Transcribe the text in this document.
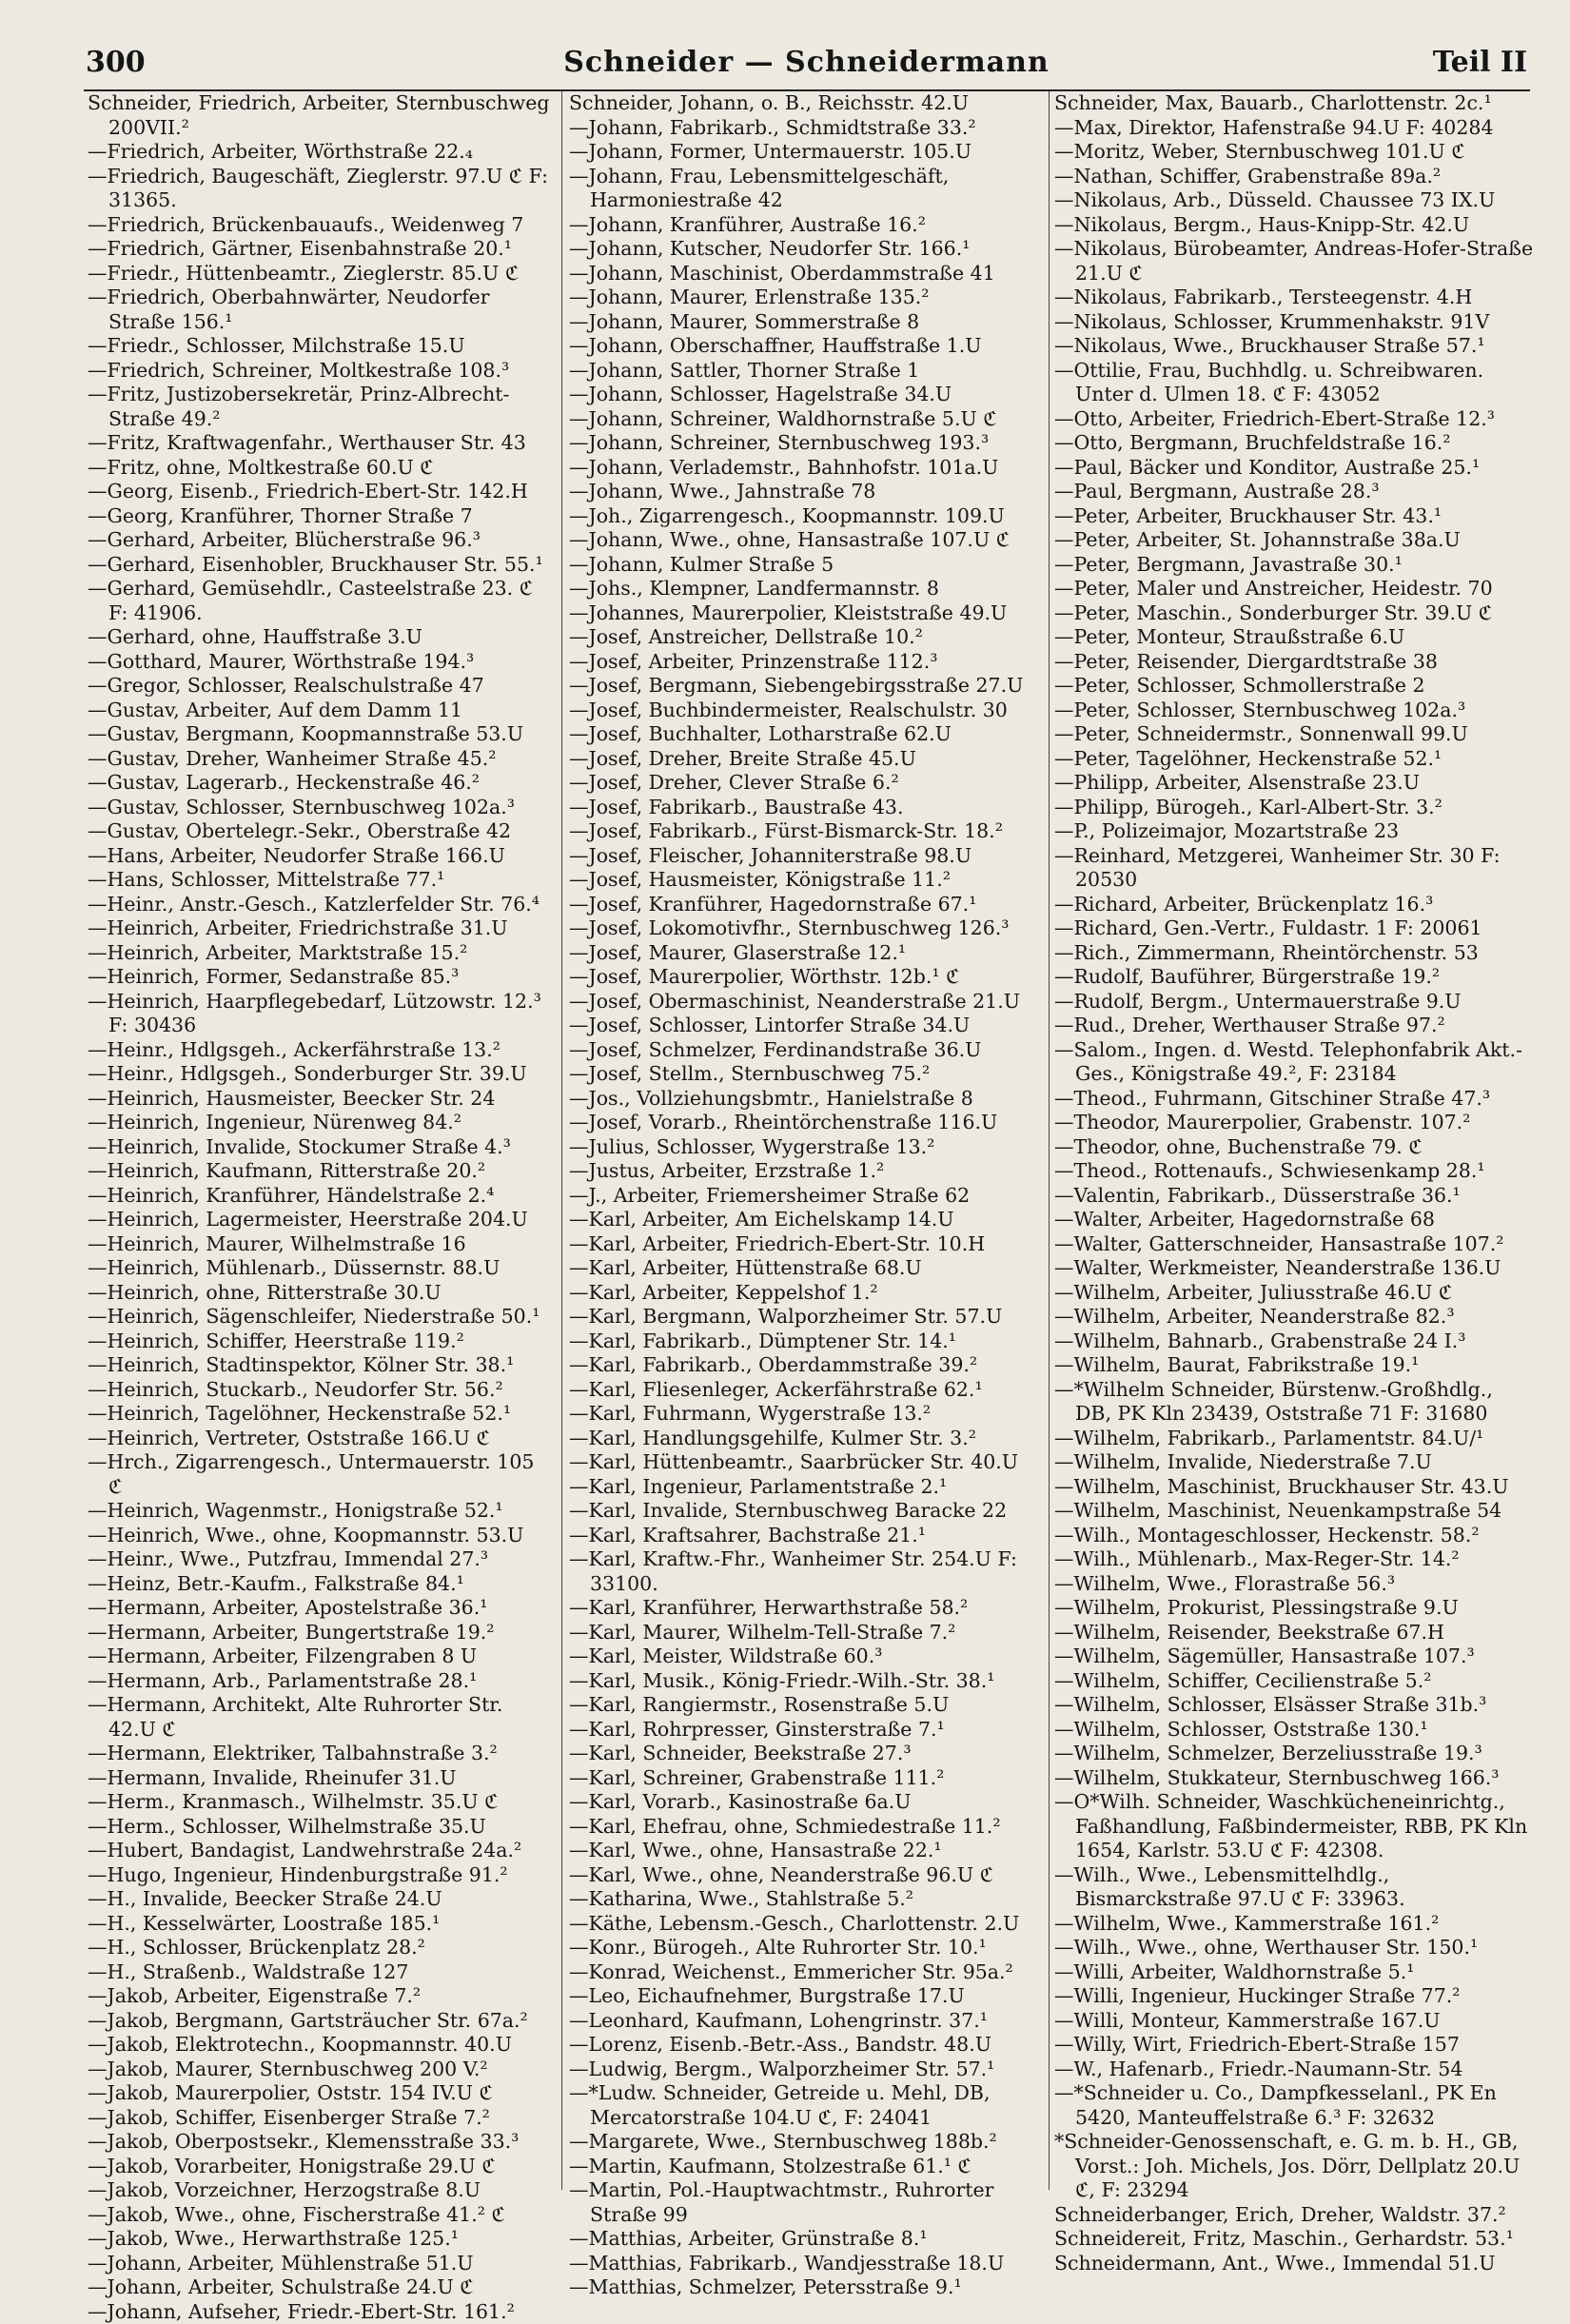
300	Schneider — Schneidermann	Teil II
Schneider, Friedrich, Arbeiter, Sternbuschweg 200VII.²
—Friedrich, Arbeiter, Wörthstraße 22.₄
—Friedrich, Baugeschäft, Zieglerstr. 97.U ℭ F: 31365.
—Friedrich, Brückenbauaufs., Weidenweg 7
—Friedrich, Gärtner, Eisenbahnstraße 20.¹
—Friedr., Hüttenbeamtr., Zieglerstr. 85.U ℭ
—Friedrich, Oberbahnwärter, Neudorfer Straße 156.¹
—Friedr., Schlosser, Milchstraße 15.U
—Friedrich, Schreiner, Moltkestraße 108.³
—Fritz, Justizobersekretär, Prinz-Albrecht-Straße 49.²
—Fritz, Kraftwagenfahr., Werthauser Str. 43
—Fritz, ohne, Moltkestraße 60.U ℭ
—Georg, Eisenb., Friedrich-Ebert-Str. 142.H
—Georg, Kranführer, Thorner Straße 7
—Gerhard, Arbeiter, Blücherstraße 96.³
—Gerhard, Eisenhobler, Bruckhauser Str. 55.¹
—Gerhard, Gemüsehdlr., Casteelstraße 23. ℭ F: 41906.
—Gerhard, ohne, Hauffstraße 3.U
—Gotthard, Maurer, Wörthstraße 194.³
—Gregor, Schlosser, Realschulstraße 47
—Gustav, Arbeiter, Auf dem Damm 11
—Gustav, Bergmann, Koopmannstraße 53.U
—Gustav, Dreher, Wanheimer Straße 45.²
—Gustav, Lagerarb., Heckenstraße 46.²
—Gustav, Schlosser, Sternbuschweg 102a.³
—Gustav, Obertelegr.-Sekr., Oberstraße 42
—Hans, Arbeiter, Neudorfer Straße 166.U
—Hans, Schlosser, Mittelstraße 77.¹
—Heinr., Anstr.-Gesch., Katzlerfelder Str. 76.⁴
—Heinrich, Arbeiter, Friedrichstraße 31.U
—Heinrich, Arbeiter, Marktstraße 15.²
—Heinrich, Former, Sedanstraße 85.³
—Heinrich, Haarpflegebedarf, Lützowstr. 12.³ F: 30436
—Heinr., Hdlgsgeh., Ackerfährstraße 13.²
—Heinr., Hdlgsgeh., Sonderburger Str. 39.U
—Heinrich, Hausmeister, Beecker Str. 24
—Heinrich, Ingenieur, Nürenweg 84.²
—Heinrich, Invalide, Stockumer Straße 4.³
—Heinrich, Kaufmann, Ritterstraße 20.²
—Heinrich, Kranführer, Händelstraße 2.⁴
—Heinrich, Lagermeister, Heerstraße 204.U
—Heinrich, Maurer, Wilhelmstraße 16
—Heinrich, Mühlenarb., Düssernstr. 88.U
—Heinrich, ohne, Ritterstraße 30.U
—Heinrich, Sägenschleifer, Niederstraße 50.¹
—Heinrich, Schiffer, Heerstraße 119.²
—Heinrich, Stadtinspektor, Kölner Str. 38.¹
—Heinrich, Stuckarb., Neudorfer Str. 56.²
—Heinrich, Tagelöhner, Heckenstraße 52.¹
—Heinrich, Vertreter, Oststraße 166.U ℭ
—Hrch., Zigarrengesch., Untermauerstr. 105 ℭ
—Heinrich, Wagenmstr., Honigstraße 52.¹
—Heinrich, Wwe., ohne, Koopmannstr. 53.U
—Heinr., Wwe., Putzfrau, Immendal 27.³
—Heinz, Betr.-Kaufm., Falkstraße 84.¹
—Hermann, Arbeiter, Apostelstraße 36.¹
—Hermann, Arbeiter, Bungertstraße 19.²
—Hermann, Arbeiter, Filzengraben 8 U
—Hermann, Arb., Parlamentstraße 28.¹
—Hermann, Architekt, Alte Ruhrorter Str. 42.U ℭ
—Hermann, Elektriker, Talbahnstraße 3.²
—Hermann, Invalide, Rheinufer 31.U
—Herm., Kranmasch., Wilhelmstr. 35.U ℭ
—Herm., Schlosser, Wilhelmstraße 35.U
—Hubert, Bandagist, Landwehrstraße 24a.²
—Hugo, Ingenieur, Hindenburgstraße 91.²
—H., Invalide, Beecker Straße 24.U
—H., Kesselwärter, Loostraße 185.¹
—H., Schlosser, Brückenplatz 28.²
—H., Straßenb., Waldstraße 127
—Jakob, Arbeiter, Eigenstraße 7.²
—Jakob, Bergmann, Gartsträucher Str. 67a.²
—Jakob, Elektrotechn., Koopmannstr. 40.U
—Jakob, Maurer, Sternbuschweg 200 V.²
—Jakob, Maurerpolier, Oststr. 154 IV.U ℭ
—Jakob, Schiffer, Eisenberger Straße 7.²
—Jakob, Oberpostsekr., Klemensstraße 33.³
—Jakob, Vorarbeiter, Honigstraße 29.U ℭ
—Jakob, Vorzeichner, Herzogstraße 8.U
—Jakob, Wwe., ohne, Fischerstraße 41.² ℭ
—Jakob, Wwe., Herwarthstraße 125.¹
—Johann, Arbeiter, Mühlenstraße 51.U
—Johann, Arbeiter, Schulstraße 24.U ℭ
—Johann, Aufseher, Friedr.-Ebert-Str. 161.²
Schneider, Johann, o. B., Reichsstr. 42.U
—Johann, Fabrikarb., Schmidtstraße 33.²
—Johann, Former, Untermauerstr. 105.U
—Johann, Frau, Lebensmittelgeschäft, Harmoniestraße 42
—Johann, Kranführer, Austraße 16.²
—Johann, Kutscher, Neudorfer Str. 166.¹
—Johann, Maschinist, Oberdammstraße 41
—Johann, Maurer, Erlenstraße 135.²
—Johann, Maurer, Sommerstraße 8
—Johann, Oberschaffner, Hauffstraße 1.U
—Johann, Sattler, Thorner Straße 1
—Johann, Schlosser, Hagelstraße 34.U
—Johann, Schreiner, Waldhornstraße 5.U ℭ
—Johann, Schreiner, Sternbuschweg 193.³
—Johann, Verlademstr., Bahnhofstr. 101a.U
—Johann, Wwe., Jahnstraße 78
—Joh., Zigarrengesch., Koopmannstr. 109.U
—Johann, Wwe., ohne, Hansastraße 107.U ℭ
—Johann, Kulmer Straße 5
—Johs., Klempner, Landfermannstr. 8
—Johannes, Maurerpolier, Kleiststraße 49.U
—Josef, Anstreicher, Dellstraße 10.²
—Josef, Arbeiter, Prinzenstraße 112.³
—Josef, Bergmann, Siebengebirgsstraße 27.U
—Josef, Buchbindermeister, Realschulstr. 30
—Josef, Buchhalter, Lotharstraße 62.U
—Josef, Dreher, Breite Straße 45.U
—Josef, Dreher, Clever Straße 6.²
—Josef, Fabrikarb., Baustraße 43.
—Josef, Fabrikarb., Fürst-Bismarck-Str. 18.²
—Josef, Fleischer, Johanniterstraße 98.U
—Josef, Hausmeister, Königstraße 11.²
—Josef, Kranführer, Hagedornstraße 67.¹
—Josef, Lokomotivfhr., Sternbuschweg 126.³
—Josef, Maurer, Glaserstraße 12.¹
—Josef, Maurerpolier, Wörthstr. 12b.¹ ℭ
—Josef, Obermaschinist, Neanderstraße 21.U
—Josef, Schlosser, Lintorfer Straße 34.U
—Josef, Schmelzer, Ferdinandstraße 36.U
—Josef, Stellm., Sternbuschweg 75.²
—Jos., Vollziehungsbmtr., Hanielstraße 8
—Josef, Vorarb., Rheintörchenstraße 116.U
—Julius, Schlosser, Wygerstraße 13.²
—Justus, Arbeiter, Erzstraße 1.²
—J., Arbeiter, Friemersheimer Straße 62
—Karl, Arbeiter, Am Eichelskamp 14.U
—Karl, Arbeiter, Friedrich-Ebert-Str. 10.H
—Karl, Arbeiter, Hüttenstraße 68.U
—Karl, Arbeiter, Keppelshof 1.²
—Karl, Bergmann, Walporzheimer Str. 57.U
—Karl, Fabrikarb., Dümptener Str. 14.¹
—Karl, Fabrikarb., Oberdammstraße 39.²
—Karl, Fliesenleger, Ackerfährstraße 62.¹
—Karl, Fuhrmann, Wygerstraße 13.²
—Karl, Handlungsgehilfe, Kulmer Str. 3.²
—Karl, Hüttenbeamtr., Saarbrücker Str. 40.U
—Karl, Ingenieur, Parlamentstraße 2.¹
—Karl, Invalide, Sternbuschweg Baracke 22
—Karl, Kraftsahrer, Bachstraße 21.¹
—Karl, Kraftw.-Fhr., Wanheimer Str. 254.U F: 33100.
—Karl, Kranführer, Herwarthstraße 58.²
—Karl, Maurer, Wilhelm-Tell-Straße 7.²
—Karl, Meister, Wildstraße 60.³
—Karl, Musik., König-Friedr.-Wilh.-Str. 38.¹
—Karl, Rangiermstr., Rosenstraße 5.U
—Karl, Rohrpresser, Ginsterstraße 7.¹
—Karl, Schneider, Beekstraße 27.³
—Karl, Schreiner, Grabenstraße 111.²
—Karl, Vorarb., Kasinostraße 6a.U
—Karl, Ehefrau, ohne, Schmiedestraße 11.²
—Karl, Wwe., ohne, Hansastraße 22.¹
—Karl, Wwe., ohne, Neanderstraße 96.U ℭ
—Katharina, Wwe., Stahlstraße 5.²
—Käthe, Lebensm.-Gesch., Charlottenstr. 2.U
—Konr., Bürogeh., Alte Ruhrorter Str. 10.¹
—Konrad, Weichenst., Emmericher Str. 95a.²
—Leo, Eichaufnehmer, Burgstraße 17.U
—Leonhard, Kaufmann, Lohengrinstr. 37.¹
—Lorenz, Eisenb.-Betr.-Ass., Bandstr. 48.U
—Ludwig, Bergm., Walporzheimer Str. 57.¹
—*Ludw. Schneider, Getreide u. Mehl, DB, Mercatorstraße 104.U ℭ, F: 24041
—Margarete, Wwe., Sternbuschweg 188b.²
—Martin, Kaufmann, Stolzestraße 61.¹ ℭ
—Martin, Pol.-Hauptwachtmstr., Ruhrorter Straße 99
—Matthias, Arbeiter, Grünstraße 8.¹
—Matthias, Fabrikarb., Wandjesstraße 18.U
—Matthias, Schmelzer, Petersstraße 9.¹
Schneider, Max, Bauarb., Charlottenstr. 2c.¹
—Max, Direktor, Hafenstraße 94.U F: 40284
—Moritz, Weber, Sternbuschweg 101.U ℭ
—Nathan, Schiffer, Grabenstraße 89a.²
—Nikolaus, Arb., Düsseld. Chaussee 73 IX.U
—Nikolaus, Bergm., Haus-Knipp-Str. 42.U
—Nikolaus, Bürobeamter, Andreas-Hofer-Straße 21.U ℭ
—Nikolaus, Fabrikarb., Tersteegenstr. 4.H
—Nikolaus, Schlosser, Krummenhakstr. 91V
—Nikolaus, Wwe., Bruckhauser Straße 57.¹
—Ottilie, Frau, Buchhdlg. u. Schreibwaren. Unter d. Ulmen 18. ℭ F: 43052
—Otto, Arbeiter, Friedrich-Ebert-Straße 12.³
—Otto, Bergmann, Bruchfeldstraße 16.²
—Paul, Bäcker und Konditor, Austraße 25.¹
—Paul, Bergmann, Austraße 28.³
—Peter, Arbeiter, Bruckhauser Str. 43.¹
—Peter, Arbeiter, St. Johannstraße 38a.U
—Peter, Bergmann, Javastraße 30.¹
—Peter, Maler und Anstreicher, Heidestr. 70
—Peter, Maschin., Sonderburger Str. 39.U ℭ
—Peter, Monteur, Straußstraße 6.U
—Peter, Reisender, Diergardtstraße 38
—Peter, Schlosser, Schmollerstraße 2
—Peter, Schlosser, Sternbuschweg 102a.³
—Peter, Schneidermstr., Sonnenwall 99.U
—Peter, Tagelöhner, Heckenstraße 52.¹
—Philipp, Arbeiter, Alsenstraße 23.U
—Philipp, Bürogeh., Karl-Albert-Str. 3.²
—P., Polizeimajor, Mozartstraße 23
—Reinhard, Metzgerei, Wanheimer Str. 30 F: 20530
—Richard, Arbeiter, Brückenplatz 16.³
—Richard, Gen.-Vertr., Fuldastr. 1 F: 20061
—Rich., Zimmermann, Rheintörchenstr. 53
—Rudolf, Bauführer, Bürgerstraße 19.²
—Rudolf, Bergm., Untermauerstraße 9.U
—Rud., Dreher, Werthauser Straße 97.²
—Salom., Ingen. d. Westd. Telephonfabrik Akt.-Ges., Königstraße 49.², F: 23184
—Theod., Fuhrmann, Gitschiner Straße 47.³
—Theodor, Maurerpolier, Grabenstr. 107.²
—Theodor, ohne, Buchenstraße 79. ℭ
—Theod., Rottenaufs., Schwiesenkamp 28.¹
—Valentin, Fabrikarb., Düsserstraße 36.¹
—Walter, Arbeiter, Hagedornstraße 68
—Walter, Gatterschneider, Hansastraße 107.²
—Walter, Werkmeister, Neanderstraße 136.U
—Wilhelm, Arbeiter, Juliusstraße 46.U ℭ
—Wilhelm, Arbeiter, Neanderstraße 82.³
—Wilhelm, Bahnarb., Grabenstraße 24 I.³
—Wilhelm, Baurat, Fabrikstraße 19.¹
—*Wilhelm Schneider, Bürstenw.-Großhdlg., DB, PK Kln 23439, Oststraße 71 F: 31680
—Wilhelm, Fabrikarb., Parlamentstr. 84.U/¹
—Wilhelm, Invalide, Niederstraße 7.U
—Wilhelm, Maschinist, Bruckhauser Str. 43.U
—Wilhelm, Maschinist, Neuenkampstraße 54
—Wilh., Montageschlosser, Heckenstr. 58.²
—Wilh., Mühlenarb., Max-Reger-Str. 14.²
—Wilhelm, Wwe., Florastraße 56.³
—Wilhelm, Prokurist, Plessingstraße 9.U
—Wilhelm, Reisender, Beekstraße 67.H
—Wilhelm, Sägemüller, Hansastraße 107.³
—Wilhelm, Schiffer, Cecilienstraße 5.²
—Wilhelm, Schlosser, Elsässer Straße 31b.³
—Wilhelm, Schlosser, Oststraße 130.¹
—Wilhelm, Schmelzer, Berzeliusstraße 19.³
—Wilhelm, Stukkateur, Sternbuschweg 166.³
—O*Wilh. Schneider, Waschkücheneinrichtg., Faßhandlung, Faßbindermeister, RBB, PK Kln 1654, Karlstr. 53.U ℭ F: 42308.
—Wilh., Wwe., Lebensmittelhdlg., Bismarckstraße 97.U ℭ F: 33963.
—Wilhelm, Wwe., Kammerstraße 161.²
—Wilh., Wwe., ohne, Werthauser Str. 150.¹
—Willi, Arbeiter, Waldhornstraße 5.¹
—Willi, Ingenieur, Huckinger Straße 77.²
—Willi, Monteur, Kammerstraße 167.U
—Willy, Wirt, Friedrich-Ebert-Straße 157
—W., Hafenarb., Friedr.-Naumann-Str. 54
—*Schneider u. Co., Dampfkesselanl., PK En 5420, Manteuffelstraße 6.³ F: 32632
*Schneider-Genossenschaft, e. G. m. b. H., GB, Vorst.: Joh. Michels, Jos. Dörr, Dellplatz 20.U ℭ, F: 23294
Schneiderbanger, Erich, Dreher, Waldstr. 37.²
Schneidereit, Fritz, Maschin., Gerhardstr. 53.¹
Schneidermann, Ant., Wwe., Immendal 51.U
